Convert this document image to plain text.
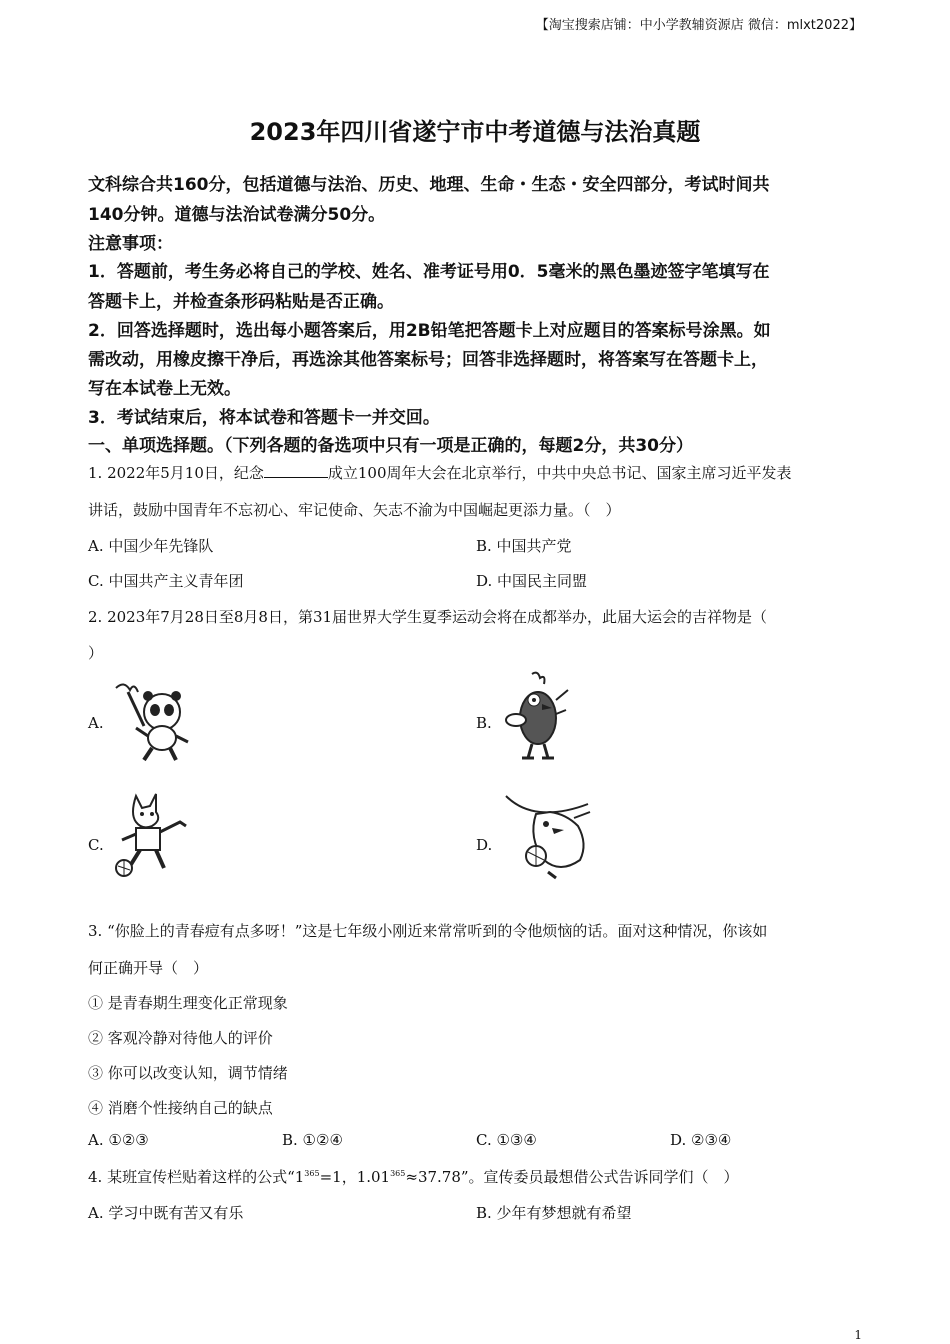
【淘宝搜索店铺：中小学教辅资源店 微信：mlxt2022】
2023年四川省遂宁市中考道德与法治真题
文科综合共160分，包括道德与法治、历史、地理、生命・生态・安全四部分，考试时间共
140分钟。道德与法治试卷满分50分。
注意事项：
1．答题前，考生务必将自己的学校、姓名、准考证号用0．5毫米的黑色墨迹签字笔填写在
答题卡上，并检查条形码粘贴是否正确。
2．回答选择题时，选出每小题答案后，用2B铅笔把答题卡上对应题目的答案标号涂黑。如
需改动，用橡皮擦干净后，再选涂其他答案标号；回答非选择题时，将答案写在答题卡上，
写在本试卷上无效。
3．考试结束后，将本试卷和答题卡一并交回。
一、单项选择题。（下列各题的备选项中只有一项是正确的，每题2分，共30分）
1. 2022年5月10日，纪念	成立100周年大会在北京举行，中共中央总书记、国家主席习近平发表
讲话，鼓励中国青年不忘初心、牢记使命、矢志不渝为中国崛起更添力量。（　）
A. 中国少年先锋队	B. 中国共产党
C. 中国共产主义青年团	D. 中国民主同盟
2. 2023年7月28日至8月8日，第31届世界大学生夏季运动会将在成都举办，此届大运会的吉祥物是（
）
A.	B.
C.	D.
3. “你脸上的青春痘有点多呀！”这是七年级小刚近来常常听到的令他烦恼的话。面对这种情况，你该如
何正确开导（　）
① 是青春期生理变化正常现象
② 客观冷静对待他人的评价
③ 你可以改变认知，调节情绪
④ 消磨个性接纳自己的缺点
A. ①②③	B. ①②④	C. ①③④	D. ②③④
4. 某班宣传栏贴着这样的公式“$1^{365}=1$，$1.01^{365}\approx 37.78$”。宣传委员最想借公式告诉同学们（　）
A. 学习中既有苦又有乐	B. 少年有梦想就有希望
1
